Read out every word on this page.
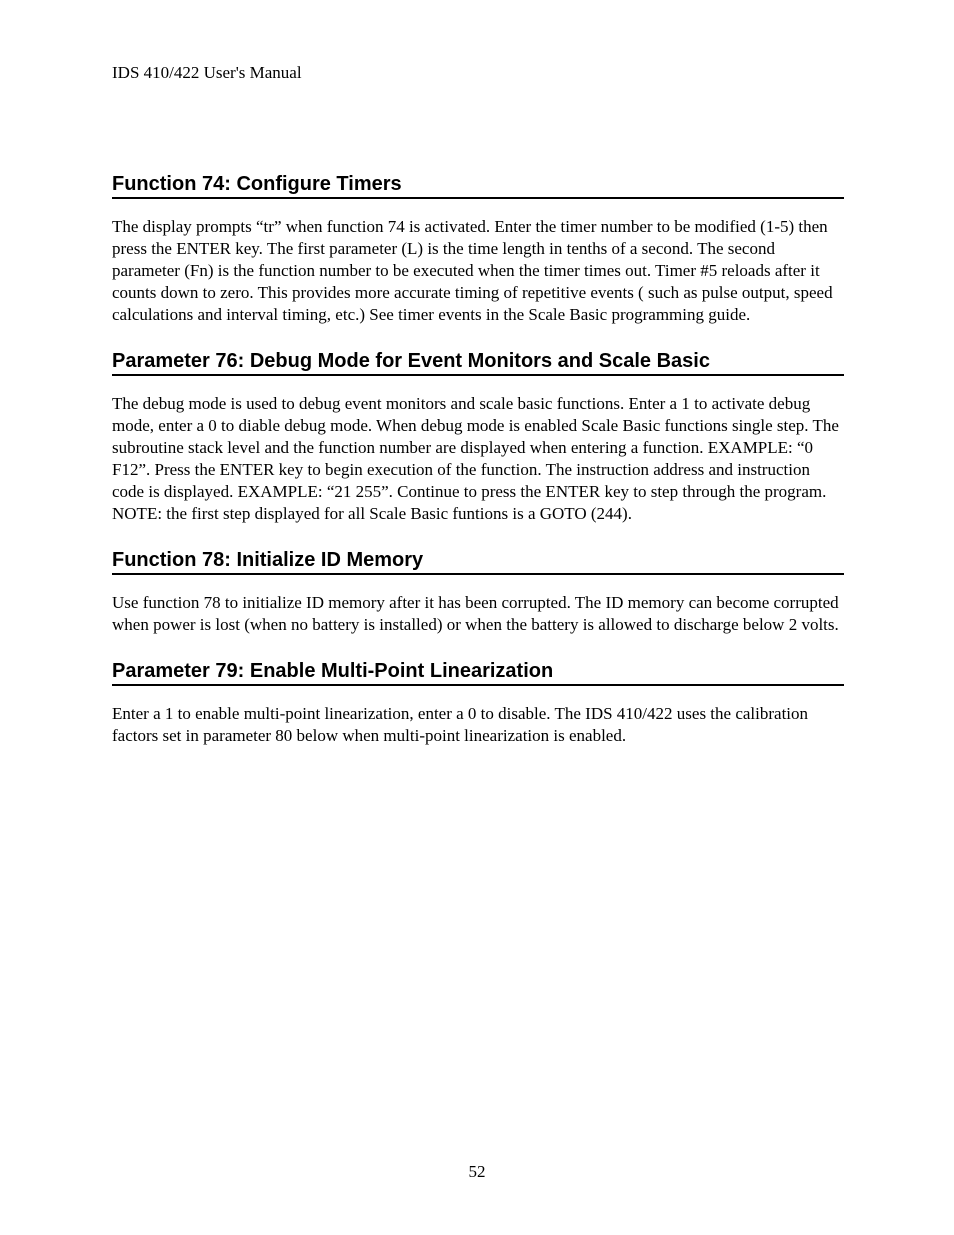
IDS 410/422 User's Manual
Function 74: Configure Timers

The display prompts “tr” when function 74 is activated. Enter the timer number to be modified (1-5) then press the ENTER key. The first parameter (L) is the time length in tenths of a second. The second parameter (Fn) is the function number to be executed when the timer times out. Timer #5 reloads after it counts down to zero. This provides more accurate timing of repetitive events ( such as pulse output, speed calculations and interval timing, etc.) See timer events in the Scale Basic programming guide.

Parameter 76: Debug Mode for Event Monitors and Scale Basic

The debug mode is used to debug event monitors and scale basic functions. Enter a 1 to activate debug mode, enter a 0 to diable debug mode. When debug mode is enabled Scale Basic functions single step. The subroutine stack level and the function number are displayed when entering a function. EXAMPLE: “0 F12”. Press the ENTER key to begin execution of the function. The instruction address and instruction code is displayed. EXAMPLE: “21 255”. Continue to press the ENTER key to step through the program. NOTE: the first step displayed for all Scale Basic funtions is a GOTO (244).

Function 78: Initialize ID Memory

Use function 78 to initialize ID memory after it has been corrupted. The ID memory can become corrupted when power is lost (when no battery is installed) or when the battery is allowed to discharge below 2 volts.

Parameter 79: Enable Multi-Point Linearization

Enter a 1 to enable multi-point linearization, enter a 0 to disable. The IDS 410/422 uses the calibration factors set in parameter 80 below when multi-point linearization is enabled.

52
